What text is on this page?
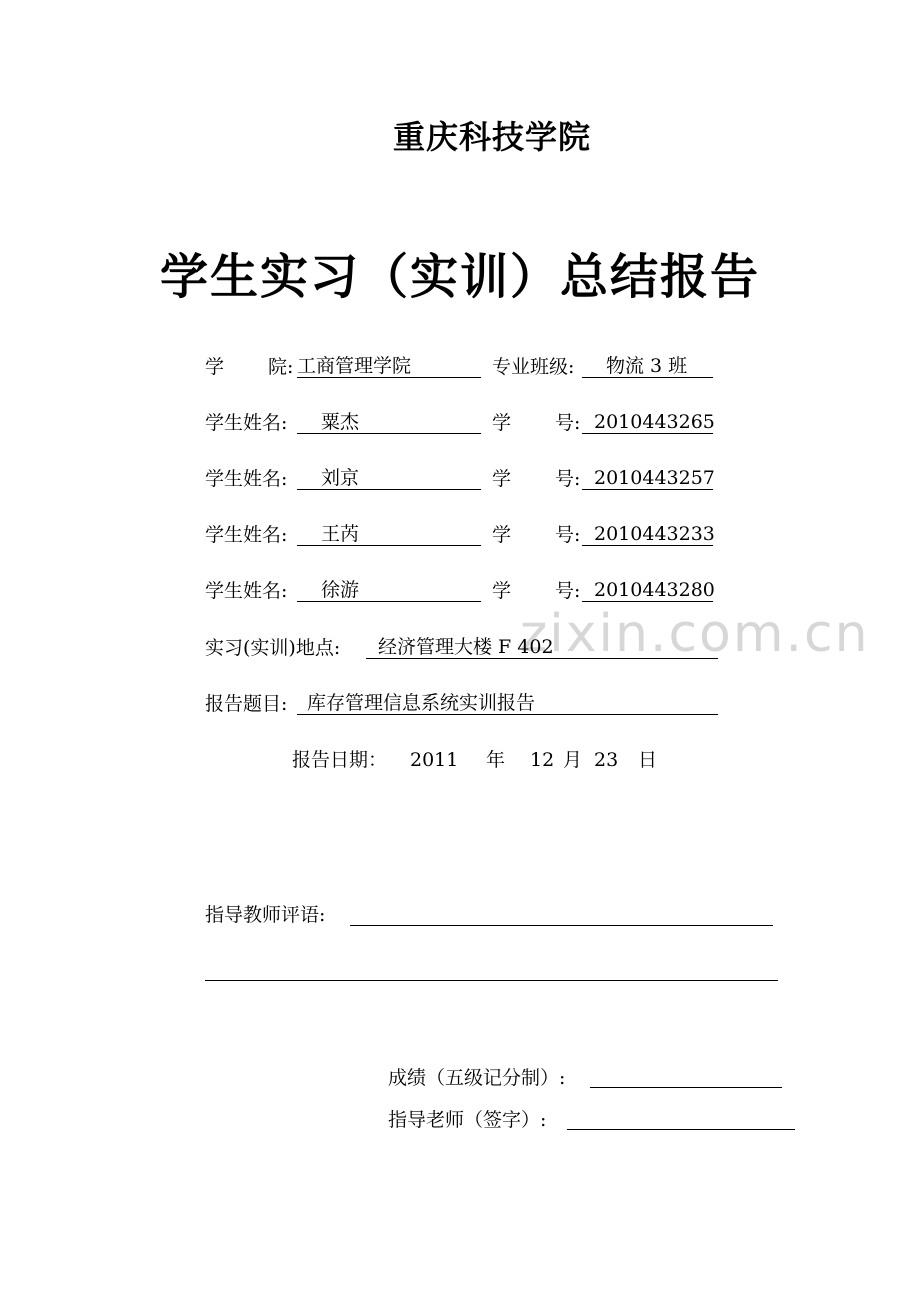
重庆科技学院
学生实习（实训）总结报告
学 院: 工商管理学院	专业班级:	物流 3 班
学生姓名:	粟杰	学 号: 2010443265
学生姓名:	刘京	学 号: 2010443257
学生姓名:	王芮	学 号: 2010443233
学生姓名:	徐游	学 号: 2010443280
zixin.com.cn
实习(实训)地点:	经济管理大楼 F 402
报告题目:	库存管理信息系统实训报告
报告日期： 2011 年 12 月 23 日
指导教师评语:
成绩（五级记分制）:
指导老师（签字）:
